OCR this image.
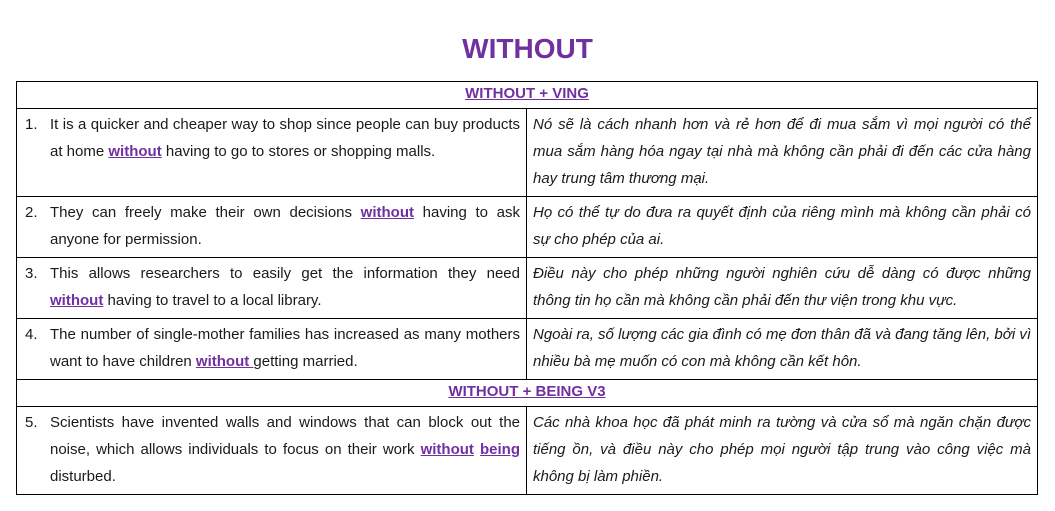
WITHOUT
WITHOUT + VING	

1. It is a quicker and cheaper way to shop since people can buy products at home without having to go to stores or shopping malls.	Nó sẽ là cách nhanh hơn và rẻ hơn để đi mua sắm vì mọi người có thể mua sắm hàng hóa ngay tại nhà mà không cần phải đi đến các cửa hàng hay trung tâm thương mại.

2. They can freely make their own decisions without having to ask anyone for permission.	Họ có thể tự do đưa ra quyết định của riêng mình mà không cần phải có sự cho phép của ai.

3. This allows researchers to easily get the information they need without having to travel to a local library.	Điều này cho phép những người nghiên cứu dễ dàng có được những thông tin họ cần mà không cần phải đến thư viện trong khu vực.

4. The number of single-mother families has increased as many mothers want to have children without getting married.	Ngoài ra, số lượng các gia đình có mẹ đơn thân đã và đang tăng lên, bởi vì nhiều bà mẹ muốn có con mà không cần kết hôn.
WITHOUT + BEING V3	

5. Scientists have invented walls and windows that can block out the noise, which allows individuals to focus on their work without being disturbed.	Các nhà khoa học đã phát minh ra tường và cửa sổ mà ngăn chặn được tiếng ồn, và điều này cho phép mọi người tập trung vào công việc mà không bị làm phiền.
